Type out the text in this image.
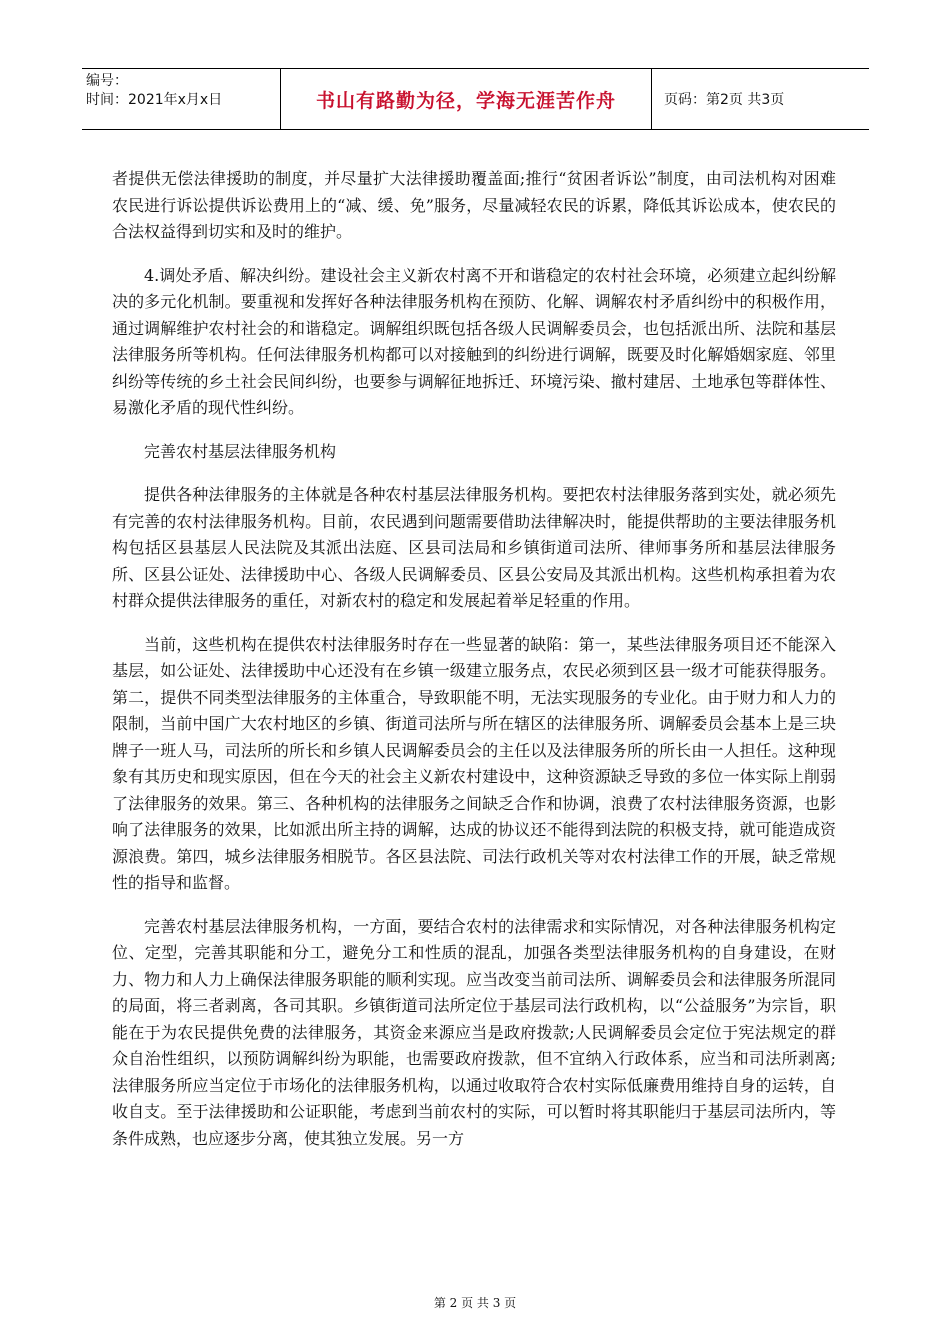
编号：
时间：2021年x月x日	书山有路勤为径，学海无涯苦作舟	页码：第2页 共3页

者提供无偿法律援助的制度，并尽量扩大法律援助覆盖面;推行“贫困者诉讼”制度，由司法机构对困难农民进行诉讼提供诉讼费用上的“减、缓、免”服务，尽量减轻农民的诉累，降低其诉讼成本，使农民的合法权益得到切实和及时的维护。

4.调处矛盾、解决纠纷。建设社会主义新农村离不开和谐稳定的农村社会环境，必须建立起纠纷解决的多元化机制。要重视和发挥好各种法律服务机构在预防、化解、调解农村矛盾纠纷中的积极作用，通过调解维护农村社会的和谐稳定。调解组织既包括各级人民调解委员会，也包括派出所、法院和基层法律服务所等机构。任何法律服务机构都可以对接触到的纠纷进行调解，既要及时化解婚姻家庭、邻里纠纷等传统的乡土社会民间纠纷，也要参与调解征地拆迁、环境污染、撤村建居、土地承包等群体性、易激化矛盾的现代性纠纷。

完善农村基层法律服务机构

提供各种法律服务的主体就是各种农村基层法律服务机构。要把农村法律服务落到实处，就必须先有完善的农村法律服务机构。目前，农民遇到问题需要借助法律解决时，能提供帮助的主要法律服务机构包括区县基层人民法院及其派出法庭、区县司法局和乡镇街道司法所、律师事务所和基层法律服务所、区县公证处、法律援助中心、各级人民调解委员、区县公安局及其派出机构。这些机构承担着为农村群众提供法律服务的重任，对新农村的稳定和发展起着举足轻重的作用。

当前，这些机构在提供农村法律服务时存在一些显著的缺陷：第一，某些法律服务项目还不能深入基层，如公证处、法律援助中心还没有在乡镇一级建立服务点，农民必须到区县一级才可能获得服务。第二，提供不同类型法律服务的主体重合，导致职能不明，无法实现服务的专业化。由于财力和人力的限制，当前中国广大农村地区的乡镇、街道司法所与所在辖区的法律服务所、调解委员会基本上是三块牌子一班人马，司法所的所长和乡镇人民调解委员会的主任以及法律服务所的所长由一人担任。这种现象有其历史和现实原因，但在今天的社会主义新农村建设中，这种资源缺乏导致的多位一体实际上削弱了法律服务的效果。第三、各种机构的法律服务之间缺乏合作和协调，浪费了农村法律服务资源，也影响了法律服务的效果，比如派出所主持的调解，达成的协议还不能得到法院的积极支持，就可能造成资源浪费。第四，城乡法律服务相脱节。各区县法院、司法行政机关等对农村法律工作的开展，缺乏常规性的指导和监督。

完善农村基层法律服务机构，一方面，要结合农村的法律需求和实际情况，对各种法律服务机构定位、定型，完善其职能和分工，避免分工和性质的混乱，加强各类型法律服务机构的自身建设，在财力、物力和人力上确保法律服务职能的顺利实现。应当改变当前司法所、调解委员会和法律服务所混同的局面，将三者剥离，各司其职。乡镇街道司法所定位于基层司法行政机构，以“公益服务”为宗旨，职能在于为农民提供免费的法律服务，其资金来源应当是政府拨款;人民调解委员会定位于宪法规定的群众自治性组织，以预防调解纠纷为职能，也需要政府拨款，但不宜纳入行政体系，应当和司法所剥离;法律服务所应当定位于市场化的法律服务机构，以通过收取符合农村实际低廉费用维持自身的运转，自收自支。至于法律援助和公证职能，考虑到当前农村的实际，可以暂时将其职能归于基层司法所内，等条件成熟，也应逐步分离，使其独立发展。另一方

第 2 页 共 3 页
